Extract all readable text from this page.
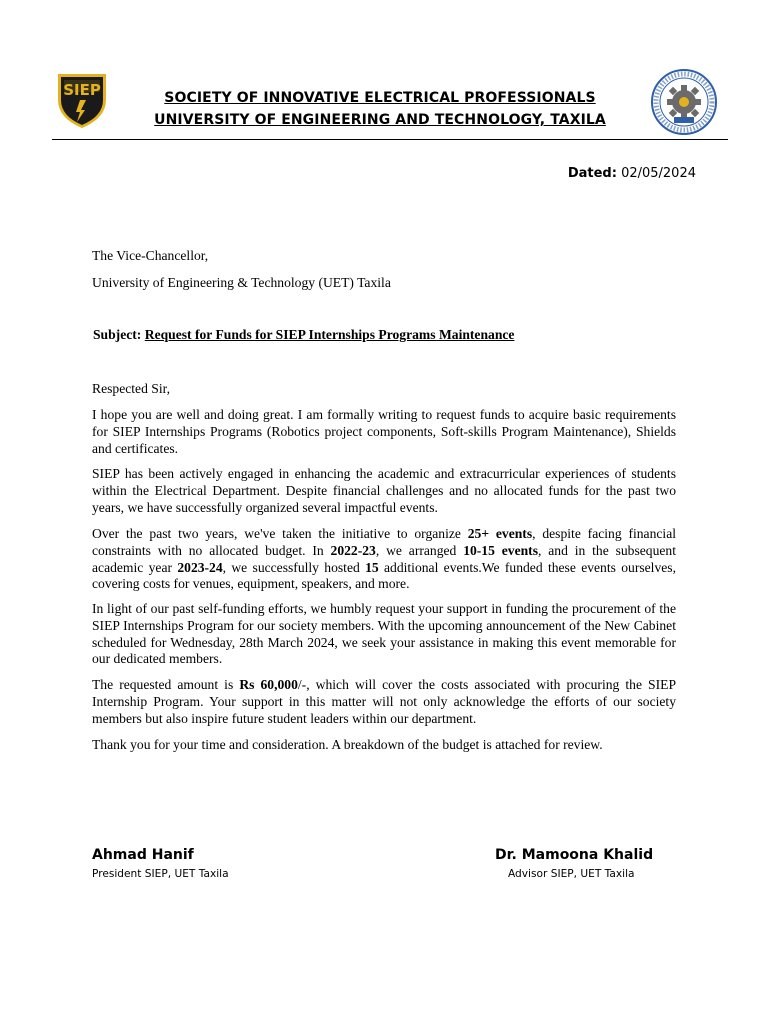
SIEP	SOCIETY OF INNOVATIVE ELECTRICAL PROFESSIONALS
UNIVERSITY OF ENGINEERING AND TECHNOLOGY, TAXILA
Dated: 02/05/2024
The Vice-Chancellor,
University of Engineering & Technology (UET) Taxila
Subject: Request for Funds for SIEP Internships Programs Maintenance
Respected Sir,

I hope you are well and doing great. I am formally writing to request funds to acquire basic requirements for SIEP Internships Programs (Robotics project components, Soft-skills Program Maintenance), Shields and certificates.

SIEP has been actively engaged in enhancing the academic and extracurricular experiences of students within the Electrical Department. Despite financial challenges and no allocated funds for the past two years, we have successfully organized several impactful events.

Over the past two years, we've taken the initiative to organize 25+ events, despite facing financial constraints with no allocated budget. In 2022-23, we arranged 10-15 events, and in the subsequent academic year 2023-24, we successfully hosted 15 additional events.We funded these events ourselves, covering costs for venues, equipment, speakers, and more.

In light of our past self-funding efforts, we humbly request your support in funding the procurement of the SIEP Internships Program for our society members. With the upcoming announcement of the New Cabinet scheduled for Wednesday, 28th March 2024, we seek your assistance in making this event memorable for our dedicated members.

The requested amount is Rs 60,000/-, which will cover the costs associated with procuring the SIEP Internship Program. Your support in this matter will not only acknowledge the efforts of our society members but also inspire future student leaders within our department.

Thank you for your time and consideration. A breakdown of the budget is attached for review.

Ahmad Hanif
President SIEP, UET Taxila
Dr. Mamoona Khalid
Advisor SIEP, UET Taxila
